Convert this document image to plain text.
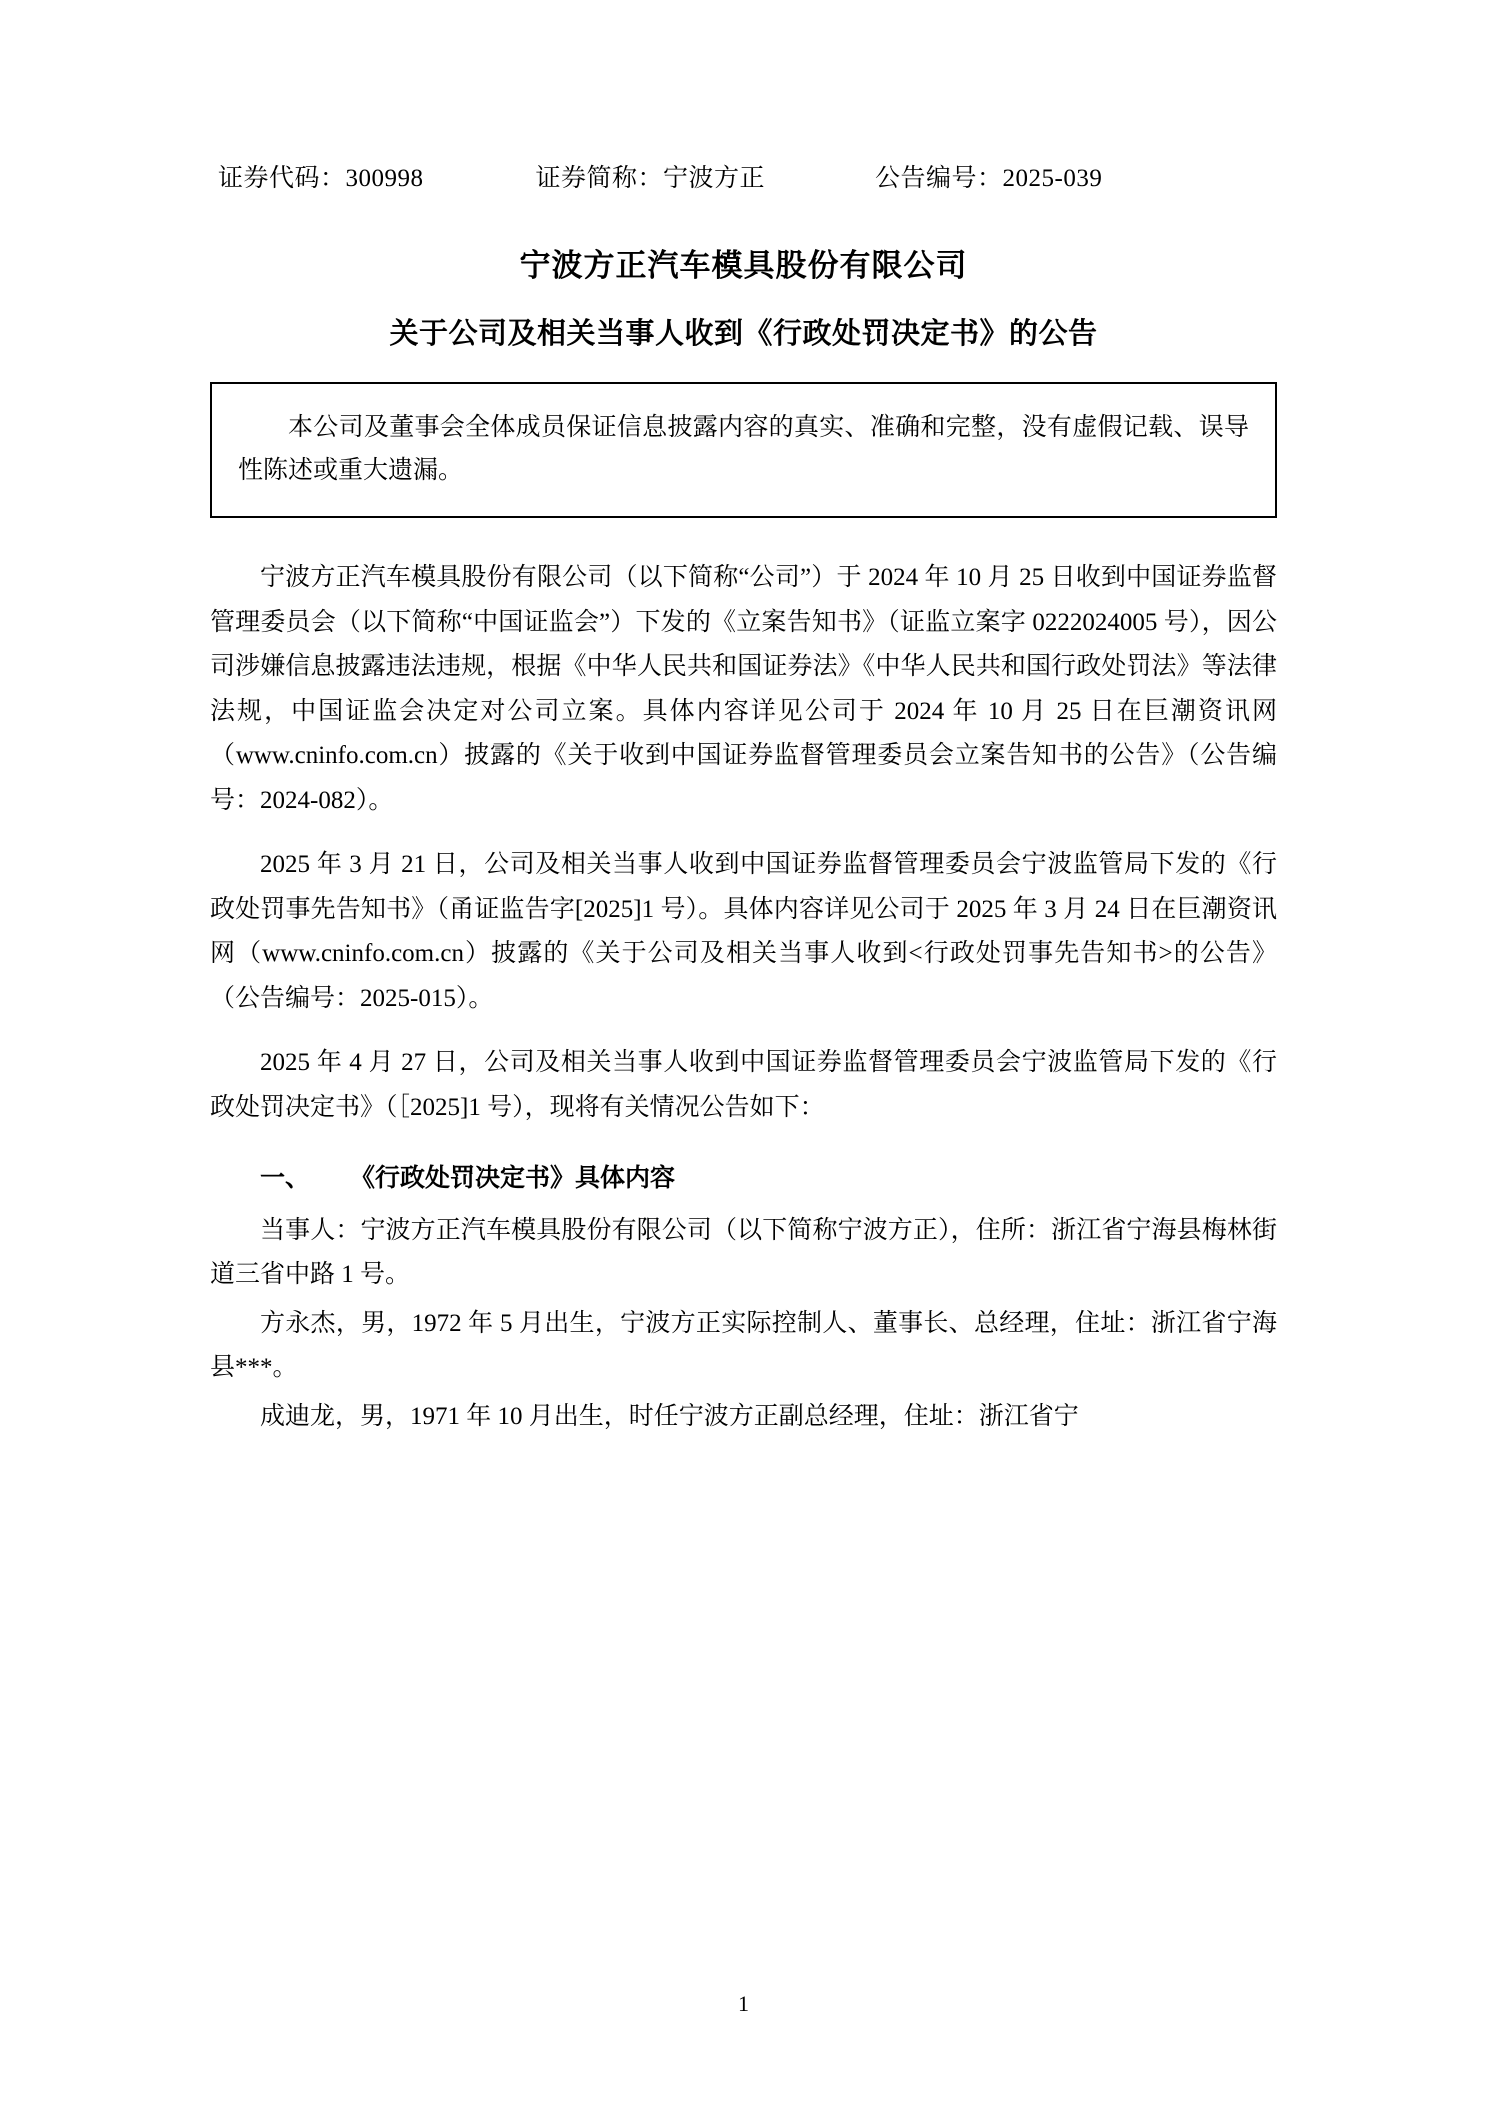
证券代码：300998	证券简称：宁波方正	公告编号：2025-039
宁波方正汽车模具股份有限公司
关于公司及相关当事人收到《行政处罚决定书》的公告

本公司及董事会全体成员保证信息披露内容的真实、准确和完整，没有虚假记载、误导性陈述或重大遗漏。

宁波方正汽车模具股份有限公司（以下简称“公司”）于 2024 年 10 月 25 日收到中国证券监督管理委员会（以下简称“中国证监会”）下发的《立案告知书》（证监立案字 0222024005 号），因公司涉嫌信息披露违法违规，根据《中华人民共和国证券法》《中华人民共和国行政处罚法》等法律法规，中国证监会决定对公司立案。具体内容详见公司于 2024 年 10 月 25 日在巨潮资讯网（www.cninfo.com.cn）披露的《关于收到中国证券监督管理委员会立案告知书的公告》（公告编号：2024-082）。

2025 年 3 月 21 日，公司及相关当事人收到中国证券监督管理委员会宁波监管局下发的《行政处罚事先告知书》（甬证监告字[2025]1 号）。具体内容详见公司于 2025 年 3 月 24 日在巨潮资讯网（www.cninfo.com.cn）披露的《关于公司及相关当事人收到<行政处罚事先告知书>的公告》（公告编号：2025-015）。

2025 年 4 月 27 日，公司及相关当事人收到中国证券监督管理委员会宁波监管局下发的《行政处罚决定书》（［2025]1 号），现将有关情况公告如下：

一、 《行政处罚决定书》具体内容

当事人：宁波方正汽车模具股份有限公司（以下简称宁波方正），住所：浙江省宁海县梅林街道三省中路 1 号。

方永杰，男，1972 年 5 月出生，宁波方正实际控制人、董事长、总经理，住址：浙江省宁海县***。

成迪龙，男，1971 年 10 月出生，时任宁波方正副总经理，住址：浙江省宁

1
